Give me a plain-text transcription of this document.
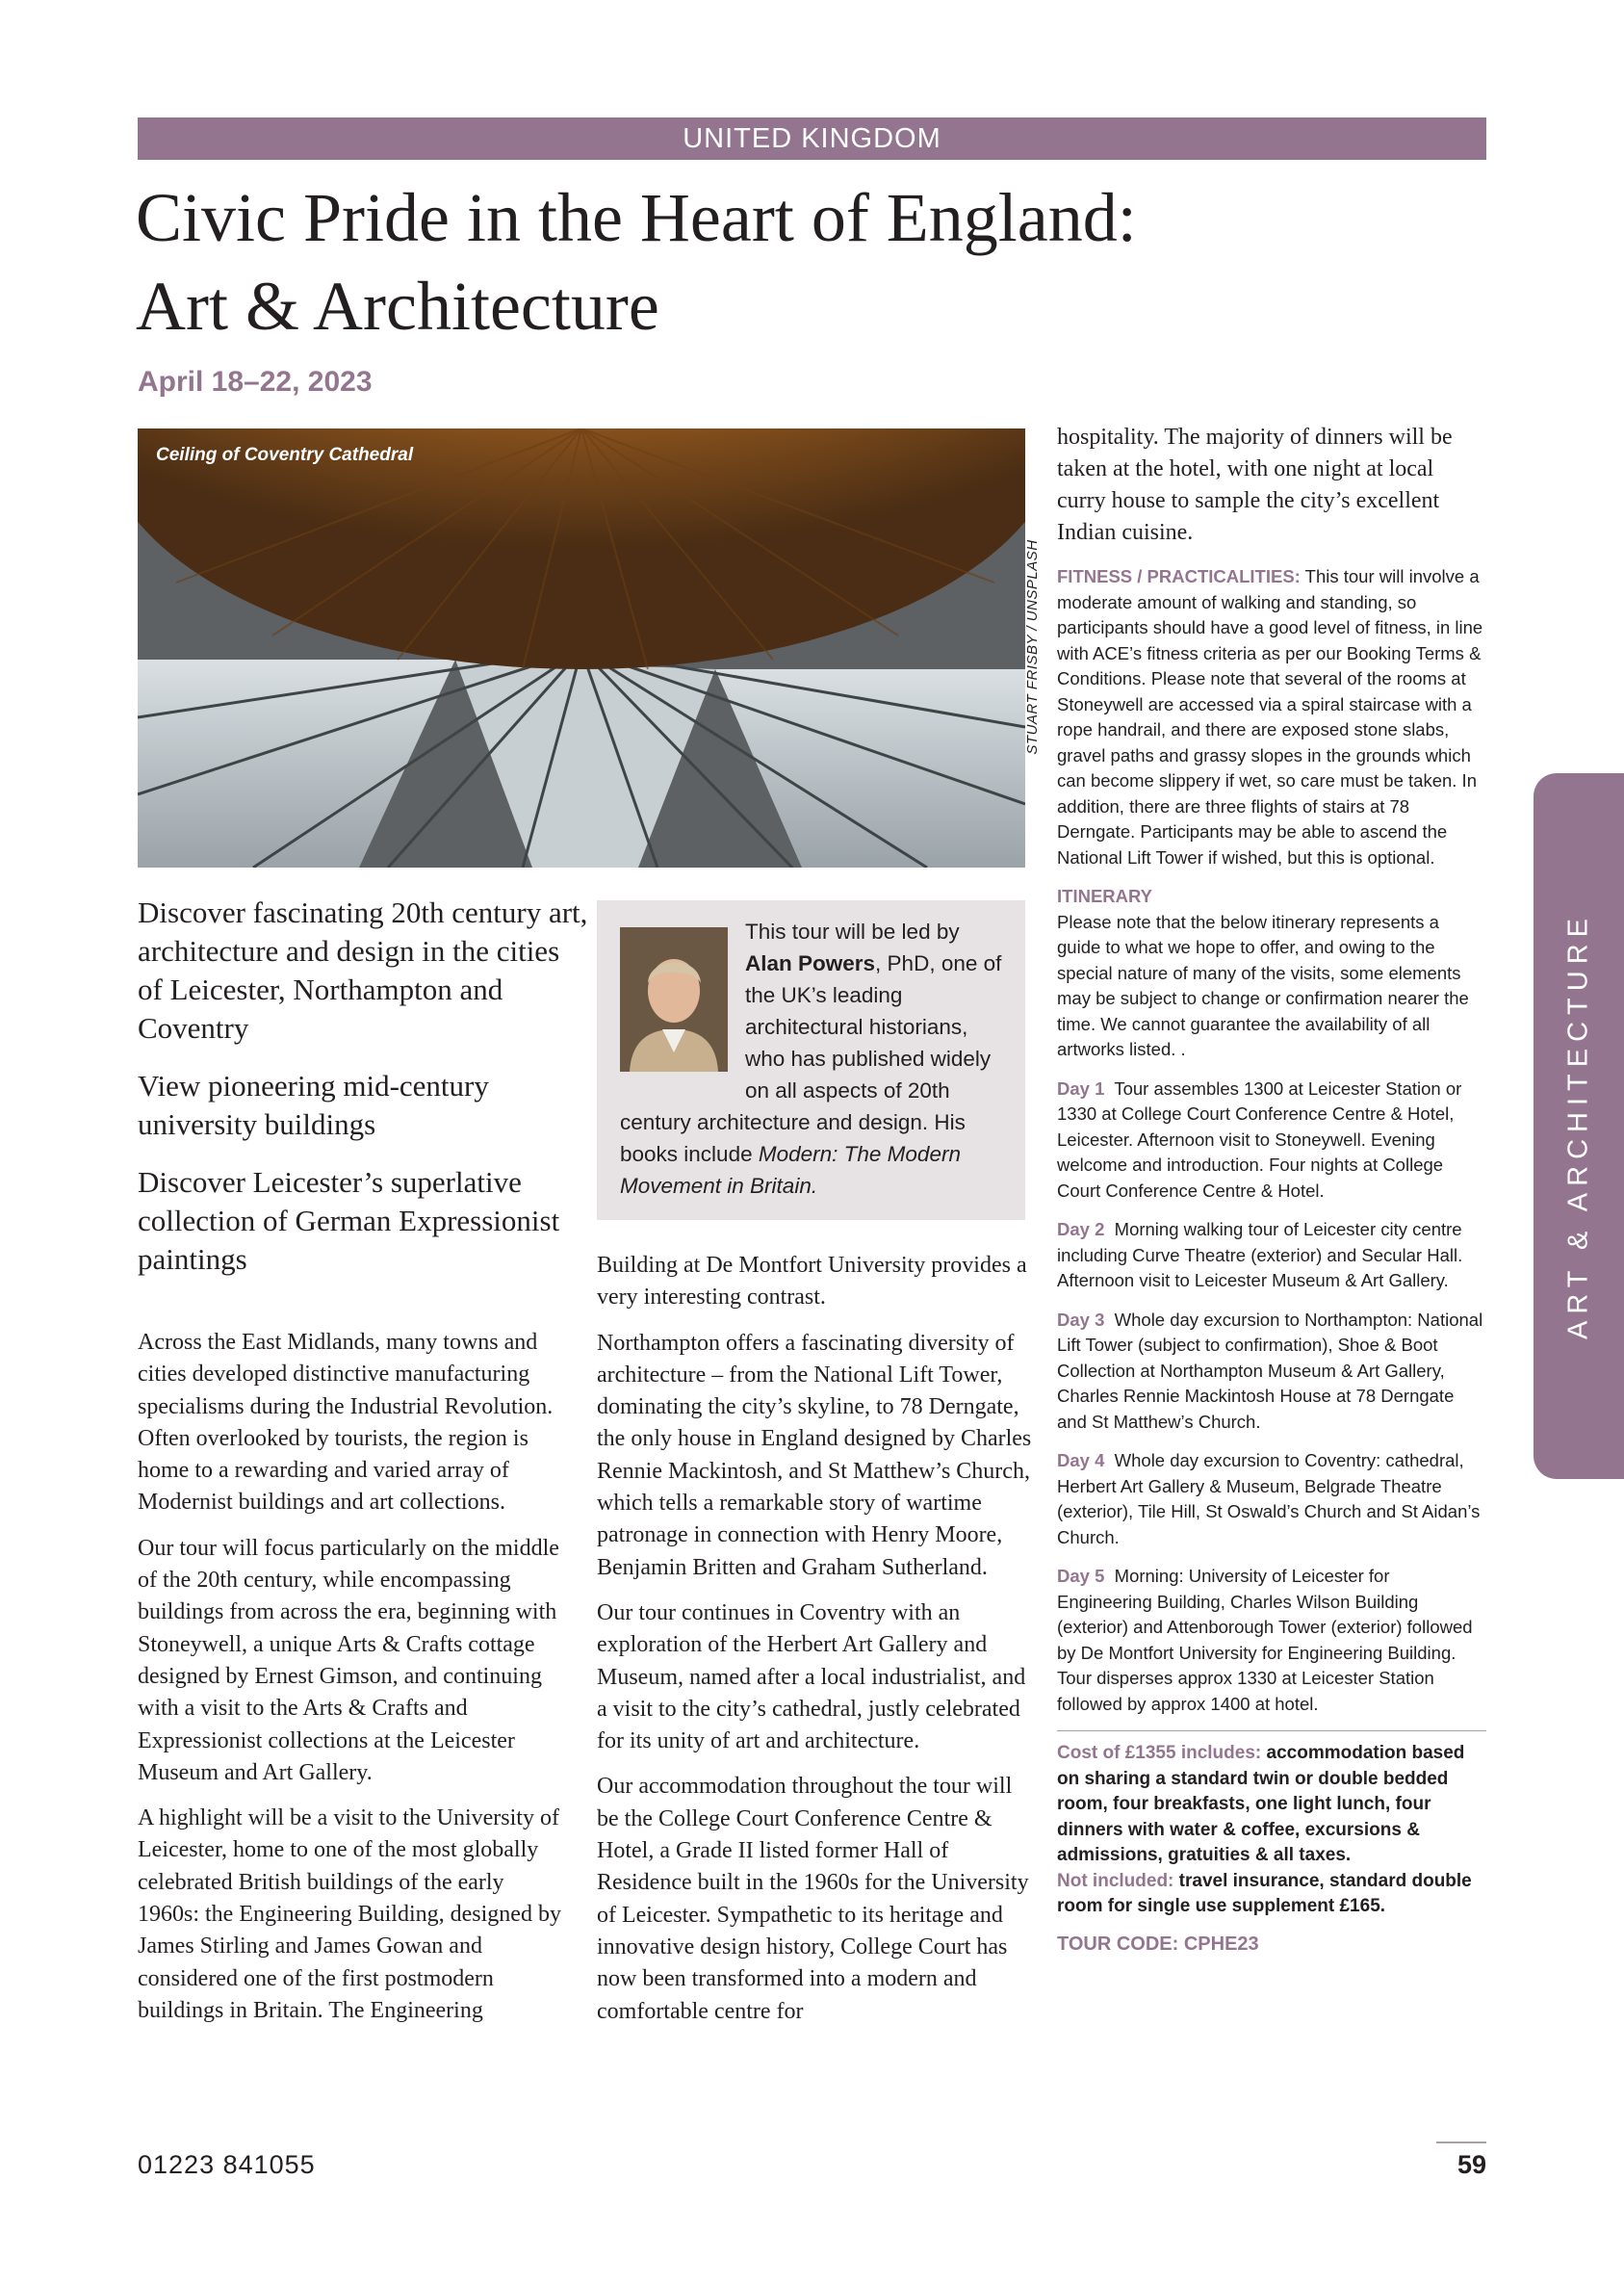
UNITED KINGDOM
Civic Pride in the Heart of England:
Art & Architecture
April 18–22, 2023
Ceiling of Coventry Cathedral
STUART FRISBY / UNSPLASH

Discover fascinating 20th century art, architecture and design in the cities of Leicester, Northampton and Coventry

View pioneering mid-century university buildings

Discover Leicester’s superlative collection of German Expressionist paintings

This tour will be led by Alan Powers, PhD, one of the UK’s leading architectural historians, who has published widely on all aspects of 20th century architecture and design. His books include Modern: The Modern Movement in Britain.

Across the East Midlands, many towns and cities developed distinctive manufacturing specialisms during the Industrial Revolution. Often overlooked by tourists, the region is home to a rewarding and varied array of Modernist buildings and art collections.

Our tour will focus particularly on the middle of the 20th century, while encompassing buildings from across the era, beginning with Stoneywell, a unique Arts & Crafts cottage designed by Ernest Gimson, and continuing with a visit to the Arts & Crafts and Expressionist collections at the Leicester Museum and Art Gallery.

A highlight will be a visit to the University of Leicester, home to one of the most globally celebrated British buildings of the early 1960s: the Engineering Building, designed by James Stirling and James Gowan and considered one of the first postmodern buildings in Britain. The Engineering

Building at De Montfort University provides a very interesting contrast.

Northampton offers a fascinating diversity of architecture – from the National Lift Tower, dominating the city’s skyline, to 78 Derngate, the only house in England designed by Charles Rennie Mackintosh, and St Matthew’s Church, which tells a remarkable story of wartime patronage in connection with Henry Moore, Benjamin Britten and Graham Sutherland.

Our tour continues in Coventry with an exploration of the Herbert Art Gallery and Museum, named after a local industrialist, and a visit to the city’s cathedral, justly celebrated for its unity of art and architecture.

Our accommodation throughout the tour will be the College Court Conference Centre & Hotel, a Grade II listed former Hall of Residence built in the 1960s for the University of Leicester. Sympathetic to its heritage and innovative design history, College Court has now been transformed into a modern and comfortable centre for

hospitality. The majority of dinners will be taken at the hotel, with one night at local curry house to sample the city’s excellent Indian cuisine.

FITNESS / PRACTICALITIES: This tour will involve a moderate amount of walking and standing, so participants should have a good level of fitness, in line with ACE’s fitness criteria as per our Booking Terms & Conditions. Please note that several of the rooms at Stoneywell are accessed via a spiral staircase with a rope handrail, and there are exposed stone slabs, gravel paths and grassy slopes in the grounds which can become slippery if wet, so care must be taken. In addition, there are three flights of stairs at 78 Derngate. Participants may be able to ascend the National Lift Tower if wished, but this is optional.

ITINERARY

Please note that the below itinerary represents a guide to what we hope to offer, and owing to the special nature of many of the visits, some elements may be subject to change or confirmation nearer the time. We cannot guarantee the availability of all artworks listed. .

Day 1 Tour assembles 1300 at Leicester Station or 1330 at College Court Conference Centre & Hotel, Leicester. Afternoon visit to Stoneywell. Evening welcome and introduction. Four nights at College Court Conference Centre & Hotel.

Day 2 Morning walking tour of Leicester city centre including Curve Theatre (exterior) and Secular Hall. Afternoon visit to Leicester Museum & Art Gallery.

Day 3 Whole day excursion to Northampton: National Lift Tower (subject to confirmation), Shoe & Boot Collection at Northampton Museum & Art Gallery, Charles Rennie Mackintosh House at 78 Derngate and St Matthew’s Church.

Day 4 Whole day excursion to Coventry: cathedral, Herbert Art Gallery & Museum, Belgrade Theatre (exterior), Tile Hill, St Oswald’s Church and St Aidan’s Church.

Day 5 Morning: University of Leicester for Engineering Building, Charles Wilson Building (exterior) and Attenborough Tower (exterior) followed by De Montfort University for Engineering Building. Tour disperses approx 1330 at Leicester Station followed by approx 1400 at hotel.

Cost of £1355 includes: accommodation based on sharing a standard twin or double bedded room, four breakfasts, one light lunch, four dinners with water & coffee, excursions & admissions, gratuities & all taxes.
Not included: travel insurance, standard double room for single use supplement £165.
TOUR CODE: CPHE23
ART & ARCHITECTURE
01223 841055	59
